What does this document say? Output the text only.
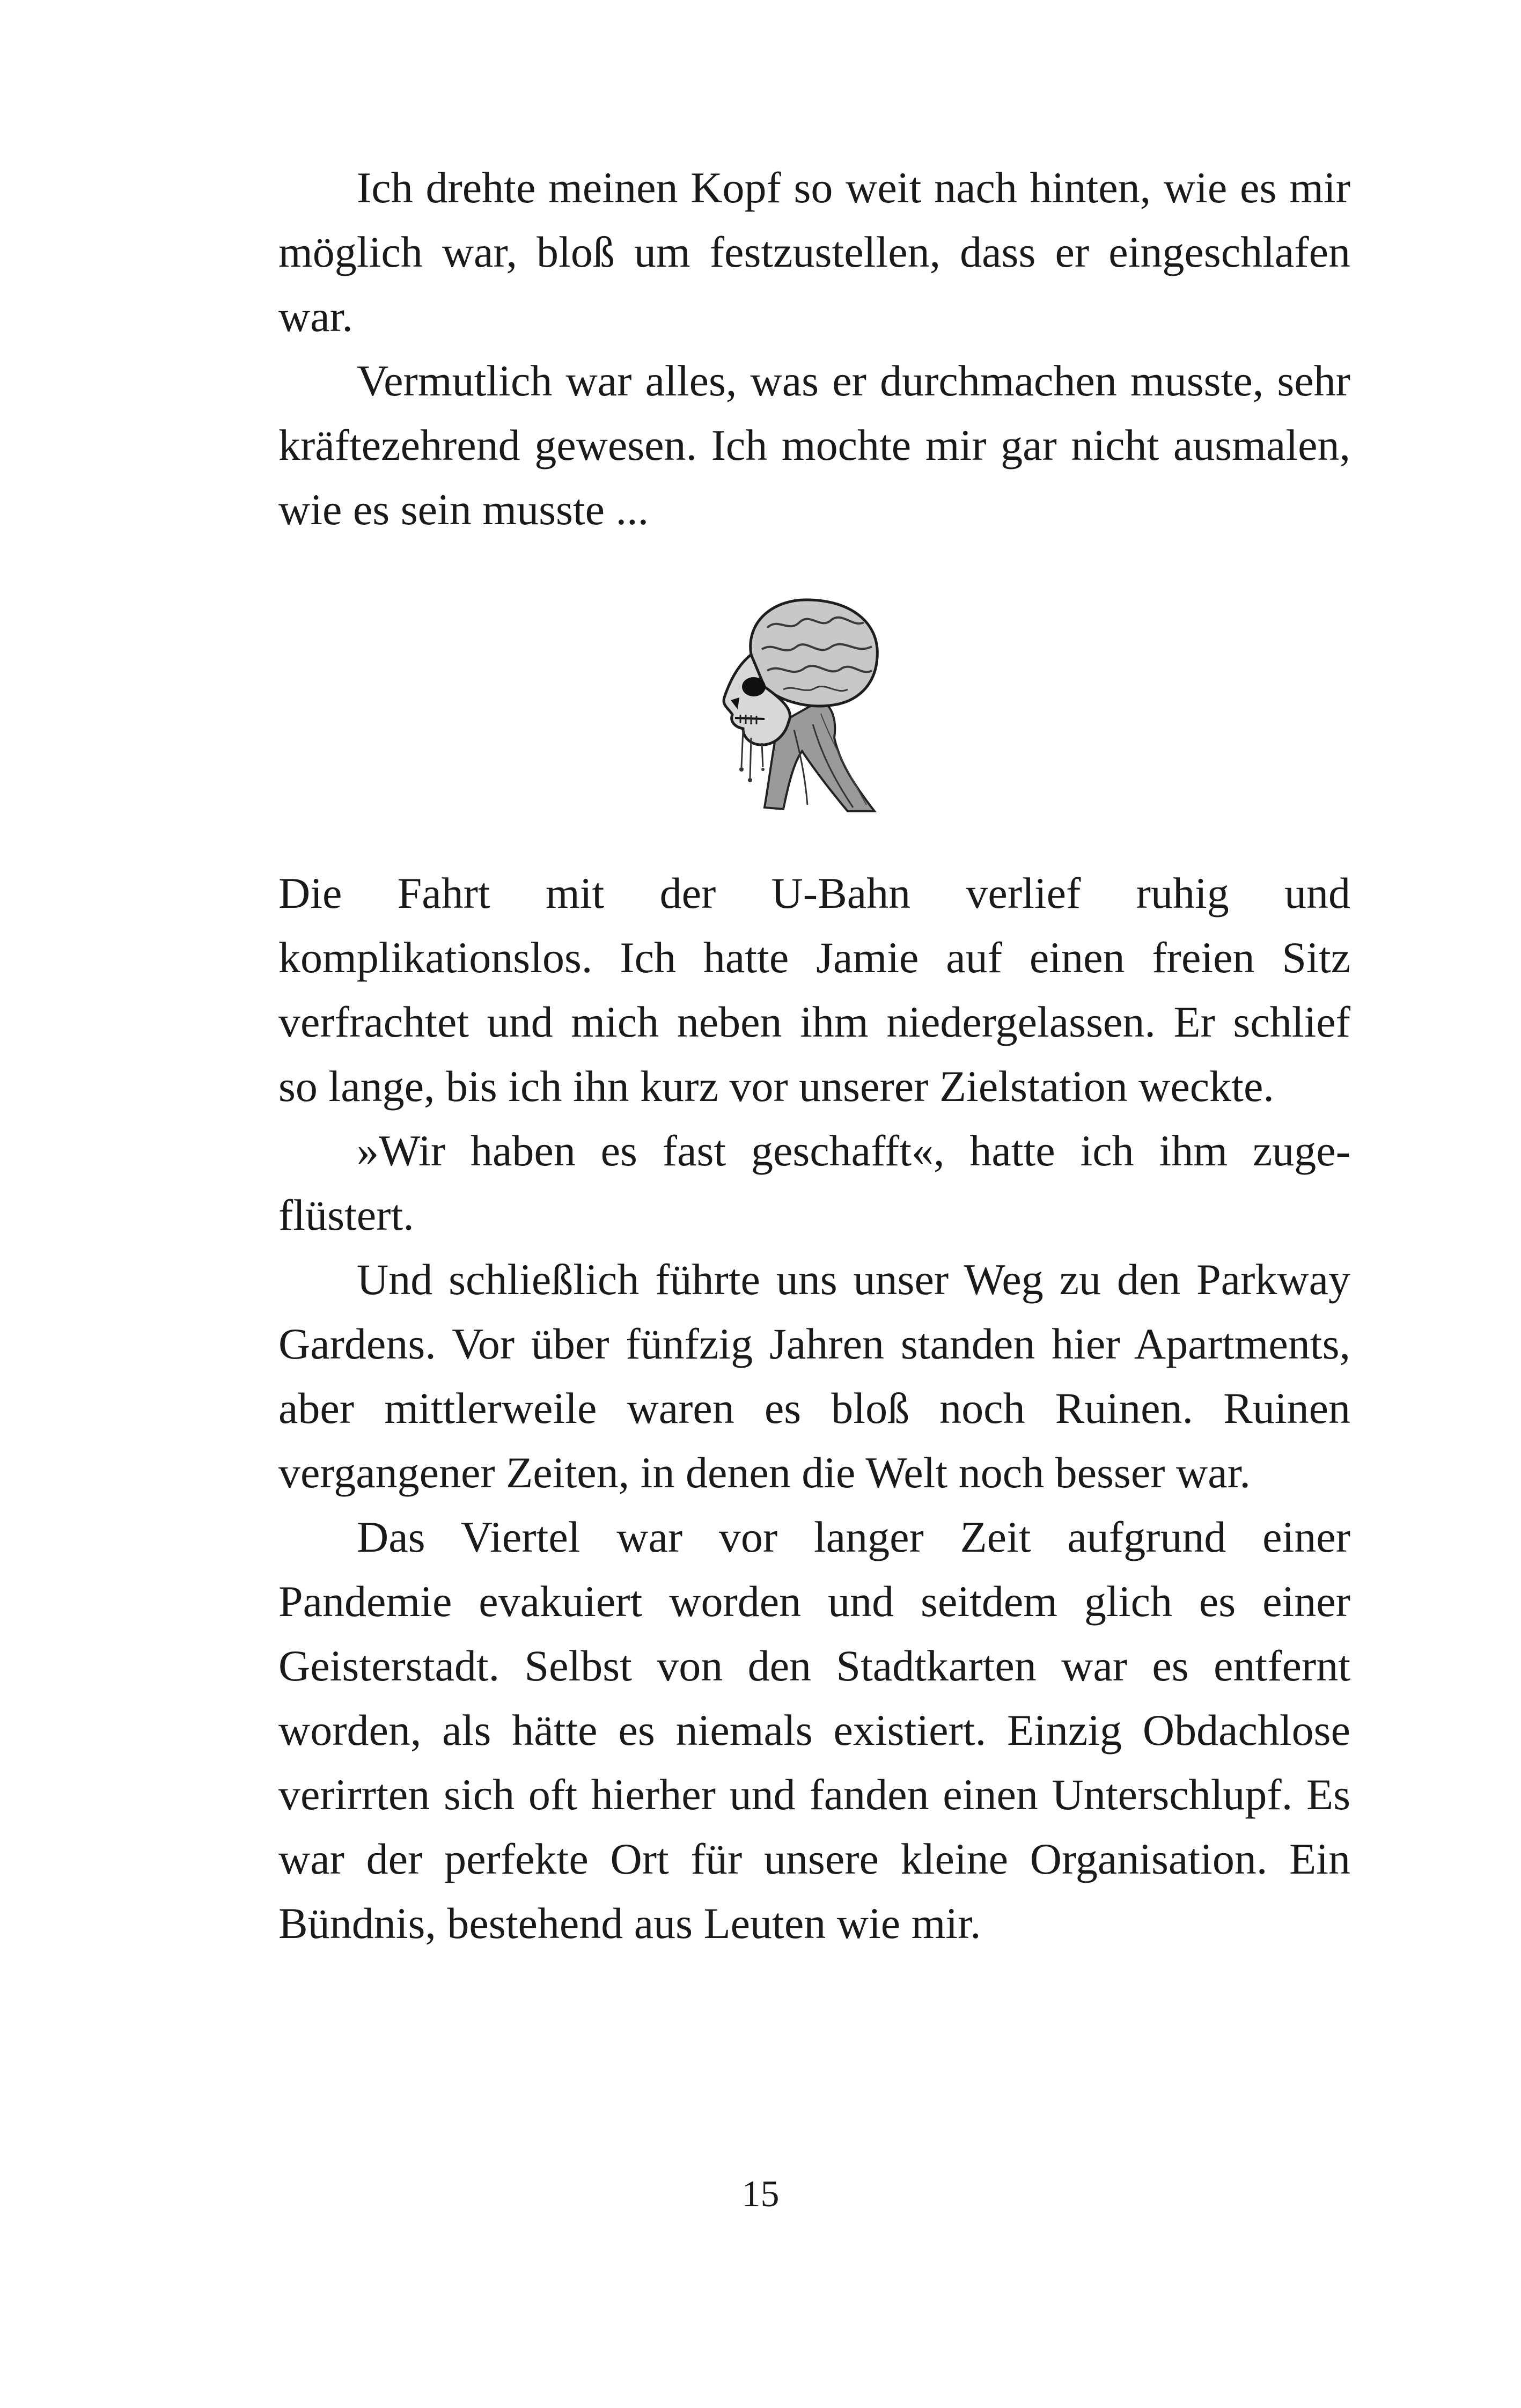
Ich drehte meinen Kopf so weit nach hinten, wie es mir möglich war, bloß um festzustellen, dass er eingeschlafen war.

Vermutlich war alles, was er durchmachen musste, sehr kräftezehrend gewesen. Ich mochte mir gar nicht ausmalen, wie es sein musste ...

Die Fahrt mit der U-Bahn verlief ruhig und komplikationslos. Ich hatte Jamie auf einen freien Sitz verfrachtet und mich neben ihm niedergelassen. Er schlief so lange, bis ich ihn kurz vor unserer Zielstation weckte.

»Wir haben es fast geschafft«, hatte ich ihm zugeflüstert.

Und schließlich führte uns unser Weg zu den Parkway Gardens. Vor über fünfzig Jahren standen hier Apartments, aber mittlerweile waren es bloß noch Ruinen. Ruinen vergangener Zeiten, in denen die Welt noch besser war.

Das Viertel war vor langer Zeit aufgrund einer Pandemie evakuiert worden und seitdem glich es einer Geisterstadt. Selbst von den Stadtkarten war es entfernt worden, als hätte es niemals existiert. Einzig Obdachlose verirrten sich oft hierher und fanden einen Unterschlupf. Es war der perfekte Ort für unsere kleine Organisation. Ein Bündnis, bestehend aus Leuten wie mir.

15
